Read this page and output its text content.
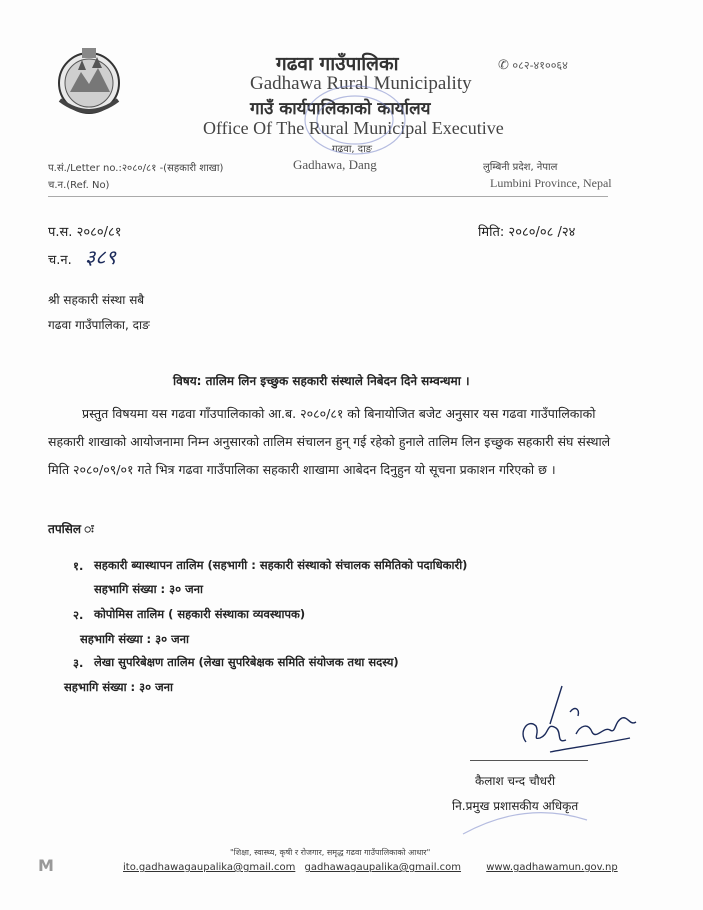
गढवा गाउँपालिका
Gadhawa Rural Municipality
गाउँ कार्यपालिकाको कार्यालय
Office Of The Rural Municipal Executive
गढवा, दाङ
Gadhawa, Dang
✆ ०८२-४१००६४
प.सं./Letter no.:२०८०/८१ -(सहकारी शाखा)
च.न.(Ref. No)
लुम्बिनी प्रदेश, नेपाल
Lumbini Province, Nepal
प.स. २०८०/८१
च.न. ३८९
मिति: २०८०/०८ /२४
श्री सहकारी संस्था सबै
गढवा गाउँपालिका, दाङ
विषय: तालिम लिन इच्छुक सहकारी संस्थाले निबेदन दिने सम्वन्धमा ।
प्रस्तुत विषयमा यस गढवा गाँउपालिकाको आ.ब. २०८०/८१ को बिनायोजित बजेट अनुसार यस गढवा गाउँपालिकाको
सहकारी शाखाको आयोजनामा निम्न अनुसारको तालिम संचालन हुन् गई रहेको हुनाले तालिम लिन इच्छुक सहकारी संघ संस्थाले
मिति २०८०/०९/०१ गते भित्र गढवा गाउँपालिका सहकारी शाखामा आबेदन दिनुहुन यो सूचना प्रकाशन गरिएको छ ।
तपसिल ः
१. सहकारी ब्यास्थापन तालिम (सहभागी : सहकारी संस्थाको संचालक समितिको पदाधिकारी)
सहभागि संख्या : ३० जना
२. कोपोमिस तालिम ( सहकारी संस्थाका व्यवस्थापक)
सहभागि संख्या : ३० जना
३. लेखा सुपरिबेक्षण तालिम (लेखा सुपरिबेक्षक समिति संयोजक तथा सदस्य)
सहभागि संख्या : ३० जना
कैलाश चन्द चौधरी
नि.प्रमुख प्रशासकीय अधिकृत
"शिक्षा, स्वास्थ्य, कृषी र रोजगार, समृद्ध गढवा गाउँपालिकाको आधार"
ito.gadhawagaupalika@gmail.com gadhawagaupalika@gmail.com	www.gadhawamun.gov.np
M
